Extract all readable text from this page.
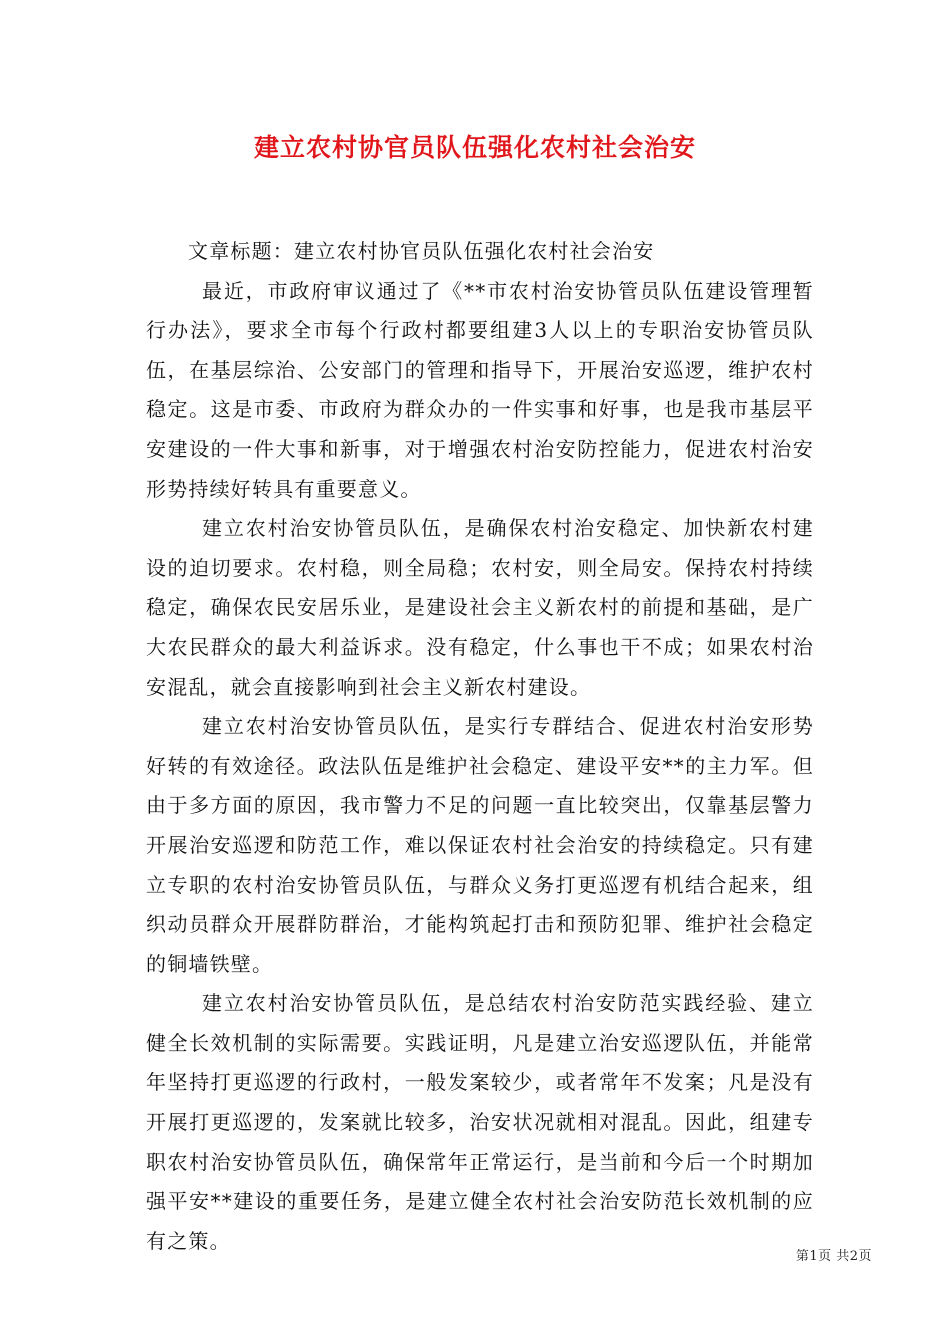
建立农村协官员队伍强化农村社会治安

文章标题：建立农村协官员队伍强化农村社会治安

最近，市政府审议通过了《**市农村治安协管员队伍建设管理暂行办法》，要求全市每个行政村都要组建3人以上的专职治安协管员队伍，在基层综治、公安部门的管理和指导下，开展治安巡逻，维护农村稳定。这是市委、市政府为群众办的一件实事和好事，也是我市基层平安建设的一件大事和新事，对于增强农村治安防控能力，促进农村治安形势持续好转具有重要意义。

建立农村治安协管员队伍，是确保农村治安稳定、加快新农村建设的迫切要求。农村稳，则全局稳；农村安，则全局安。保持农村持续稳定，确保农民安居乐业，是建设社会主义新农村的前提和基础，是广大农民群众的最大利益诉求。没有稳定，什么事也干不成；如果农村治安混乱，就会直接影响到社会主义新农村建设。

建立农村治安协管员队伍，是实行专群结合、促进农村治安形势好转的有效途径。政法队伍是维护社会稳定、建设平安**的主力军。但由于多方面的原因，我市警力不足的问题一直比较突出，仅靠基层警力开展治安巡逻和防范工作，难以保证农村社会治安的持续稳定。只有建立专职的农村治安协管员队伍，与群众义务打更巡逻有机结合起来，组织动员群众开展群防群治，才能构筑起打击和预防犯罪、维护社会稳定的铜墙铁壁。

建立农村治安协管员队伍，是总结农村治安防范实践经验、建立健全长效机制的实际需要。实践证明，凡是建立治安巡逻队伍，并能常年坚持打更巡逻的行政村，一般发案较少，或者常年不发案；凡是没有开展打更巡逻的，发案就比较多，治安状况就相对混乱。因此，组建专职农村治安协管员队伍，确保常年正常运行，是当前和今后一个时期加强平安**建设的重要任务，是建立健全农村社会治安防范长效机制的应有之策。

第1页 共2页
